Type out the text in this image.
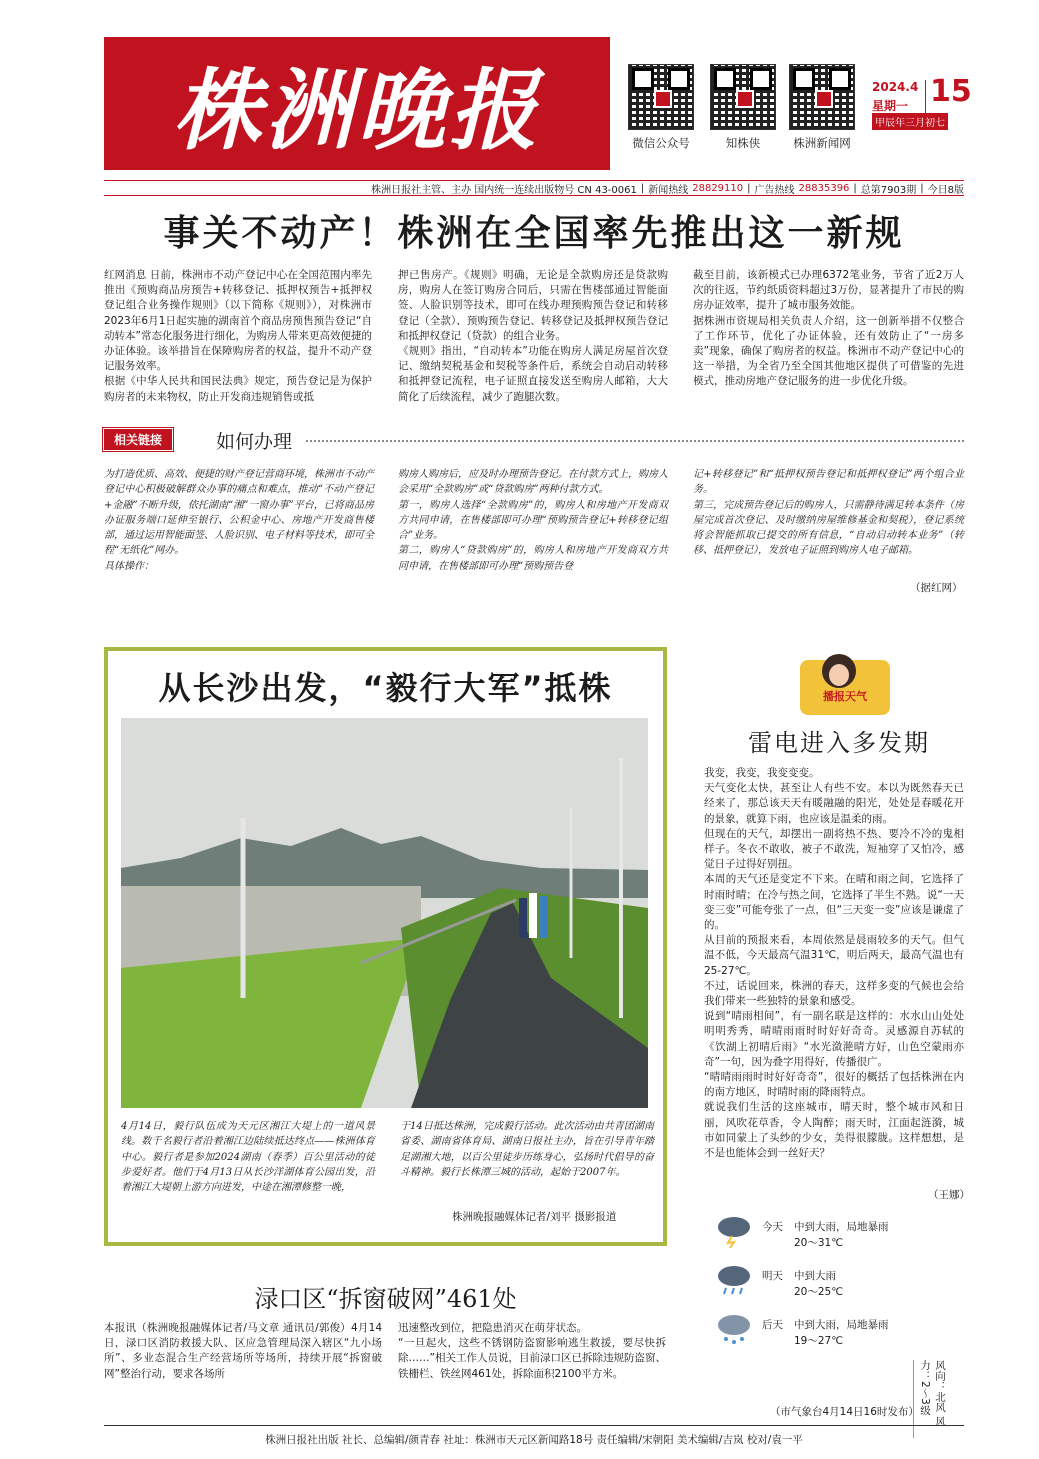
株洲晚报	微信公众号	知株侠	株洲新闻网
2024.4
星期一 15
甲辰年三月初七
株洲日报社主管、主办 国内统一连续出版物号 CN 43-0061 | 新闻热线 28829110 | 广告热线 28835396 | 总第7903期 | 今日8版
事关不动产！株洲在全国率先推出这一新规

红网消息 日前，株洲市不动产登记中心在全国范围内率先推出《预购商品房预告+转移登记、抵押权预告+抵押权登记组合业务操作规则》（以下简称《规则》），对株洲市2023年6月1日起实施的湖南首个商品房预售预告登记“自动转本”常态化服务进行细化，为购房人带来更高效便捷的办证体验。该举措旨在保障购房者的权益，提升不动产登记服务效率。
根据《中华人民共和国民法典》规定，预告登记是为保护购房者的未来物权，防止开发商违规销售或抵

押已售房产。《规则》明确，无论是全款购房还是贷款购房，购房人在签订购房合同后，只需在售楼部通过智能面签、人脸识别等技术，即可在线办理预购预告登记和转移登记（全款）、预购预告登记、转移登记及抵押权预告登记和抵押权登记（贷款）的组合业务。
《规则》指出，“自动转本”功能在购房人满足房屋首次登记、缴纳契税基金和契税等条件后，系统会自动启动转移和抵押登记流程，电子证照直接发送至购房人邮箱，大大简化了后续流程，减少了跑腿次数。

截至目前，该新模式已办理6372笔业务，节省了近2万人次的往返，节约纸质资料超过3万份，显著提升了市民的购房办证效率，提升了城市服务效能。
据株洲市资规局相关负责人介绍，这一创新举措不仅整合了工作环节，优化了办证体验，还有效防止了“一房多卖”现象，确保了购房者的权益。株洲市不动产登记中心的这一举措，为全省乃至全国其他地区提供了可借鉴的先进模式，推动房地产登记服务的进一步优化升级。

相关链接	如何办理

为打造优质、高效、便捷的财产登记营商环境，株洲市不动产登记中心积极破解群众办事的痛点和难点，推动“不动产登记+金融”不断升级，依托湖南“湘”一窗办事”平台，已将商品房办证服务端口延伸至银行、公积金中心、房地产开发商售楼部，通过运用智能面签、人脸识别、电子材料等技术，即可全程“无纸化”网办。
具体操作：

购房人购房后，应及时办理预告登记。在付款方式上，购房人会采用“全款购房”或“贷款购房”两种付款方式。
第一，购房人选择“全款购房”的，购房人和房地产开发商双方共同申请，在售楼部即可办理“预购预告登记+转移登记组合”业务。
第二，购房人“贷款购房”的，购房人和房地产开发商双方共同申请，在售楼部即可办理“预购预告登

记+转移登记”和“抵押权预告登记和抵押权登记”两个组合业务。
第三，完成预告登记后的购房人，只需静待满足转本条件（房屋完成首次登记、及时缴纳房屋维修基金和契税），登记系统将会智能抓取已提交的所有信息，“自动启动转本业务”（转移、抵押登记），发放电子证照到购房人电子邮箱。

（据红网）
从长沙出发，“毅行大军”抵株

4月14日，毅行队伍成为天元区湘江大堤上的一道风景线。数千名毅行者沿着湘江边陆续抵达终点——株洲体育中心。毅行者是参加2024湖南（春季）百公里活动的徒步爱好者。他们于4月13日从长沙洋湖体育公园出发，沿着湘江大堤朝上游方向进发，中途在湘潭修整一晚，

于14日抵达株洲，完成毅行活动。此次活动由共青团湖南省委、湖南省体育局、湖南日报社主办，旨在引导青年踏足湖湘大地，以百公里徒步历练身心，弘扬时代倡导的奋斗精神。毅行长株潭三城的活动，起始于2007年。

株洲晚报融媒体记者/刘平 摄影报道
播报天气
雷电进入多发期

我变，我变，我变变变。
天气变化太快，甚至让人有些不安。本以为既然春天已经来了，那总该天天有暖融融的阳光，处处是春暖花开的景象，就算下雨，也应该是温柔的雨。
但现在的天气，却摆出一副将热不热、要冷不冷的鬼相样子。冬衣不敢收，被子不敢洗，短袖穿了又怕冷，感觉日子过得好别扭。
本周的天气还是变定不下来。在晴和雨之间，它选择了时雨时晴；在冷与热之间，它选择了半生不熟。说“一天变三变”可能夸张了一点，但“三天变一变”应该是谦虚了的。
从目前的预报来看，本周依然是晨雨较多的天气。但气温不低，今天最高气温31℃，明后两天，最高气温也有25-27℃。
不过，话说回来，株洲的春天，这样多变的气候也会给我们带来一些独特的景象和感受。
说到“晴雨相间”，有一副名联是这样的：水水山山处处明明秀秀，晴晴雨雨时时好好奇奇。灵感源自苏轼的《饮湖上初晴后雨》“水光潋滟晴方好，山色空蒙雨亦奇”一句，因为叠字用得好，传播很广。
“晴晴雨雨时时好好奇奇”，很好的概括了包括株洲在内的南方地区，时晴时雨的降雨特点。
就说我们生活的这座城市，晴天时，整个城市风和日丽，风吹花草香，令人陶醉；雨天时，江面起涟漪，城市如同蒙上了头纱的少女，美得很朦胧。这样想想，是不是也能体会到一丝好天？

（王娜）
今天 中到大雨，局地暴雨
20～31℃
明天 中到大雨
20～25℃
后天 中到大雨，局地暴雨
19～27℃
风向：北风 风力：2～3级
（市气象台4月14日16时发布）
渌口区“拆窗破网”461处

本报讯（株洲晚报融媒体记者/马文章 通讯员/郭俊）4月14日，渌口区消防救援大队、区应急管理局深入辖区“九小场所”、多业态混合生产经营场所等场所，持续开展“拆窗破网”整治行动，要求各场所

迅速整改到位，把隐患消灭在萌芽状态。
“一旦起火，这些不锈钢防盗窗影响逃生救援，要尽快拆除……”相关工作人员说，目前渌口区已拆除违规防盗窗、铁栅栏、铁丝网461处，拆除面积2100平方米。

株洲日报社出版 社长、总编辑/颜青春 社址：株洲市天元区新闻路18号 责任编辑/宋朝阳 美术编辑/吉岚 校对/袁一平
